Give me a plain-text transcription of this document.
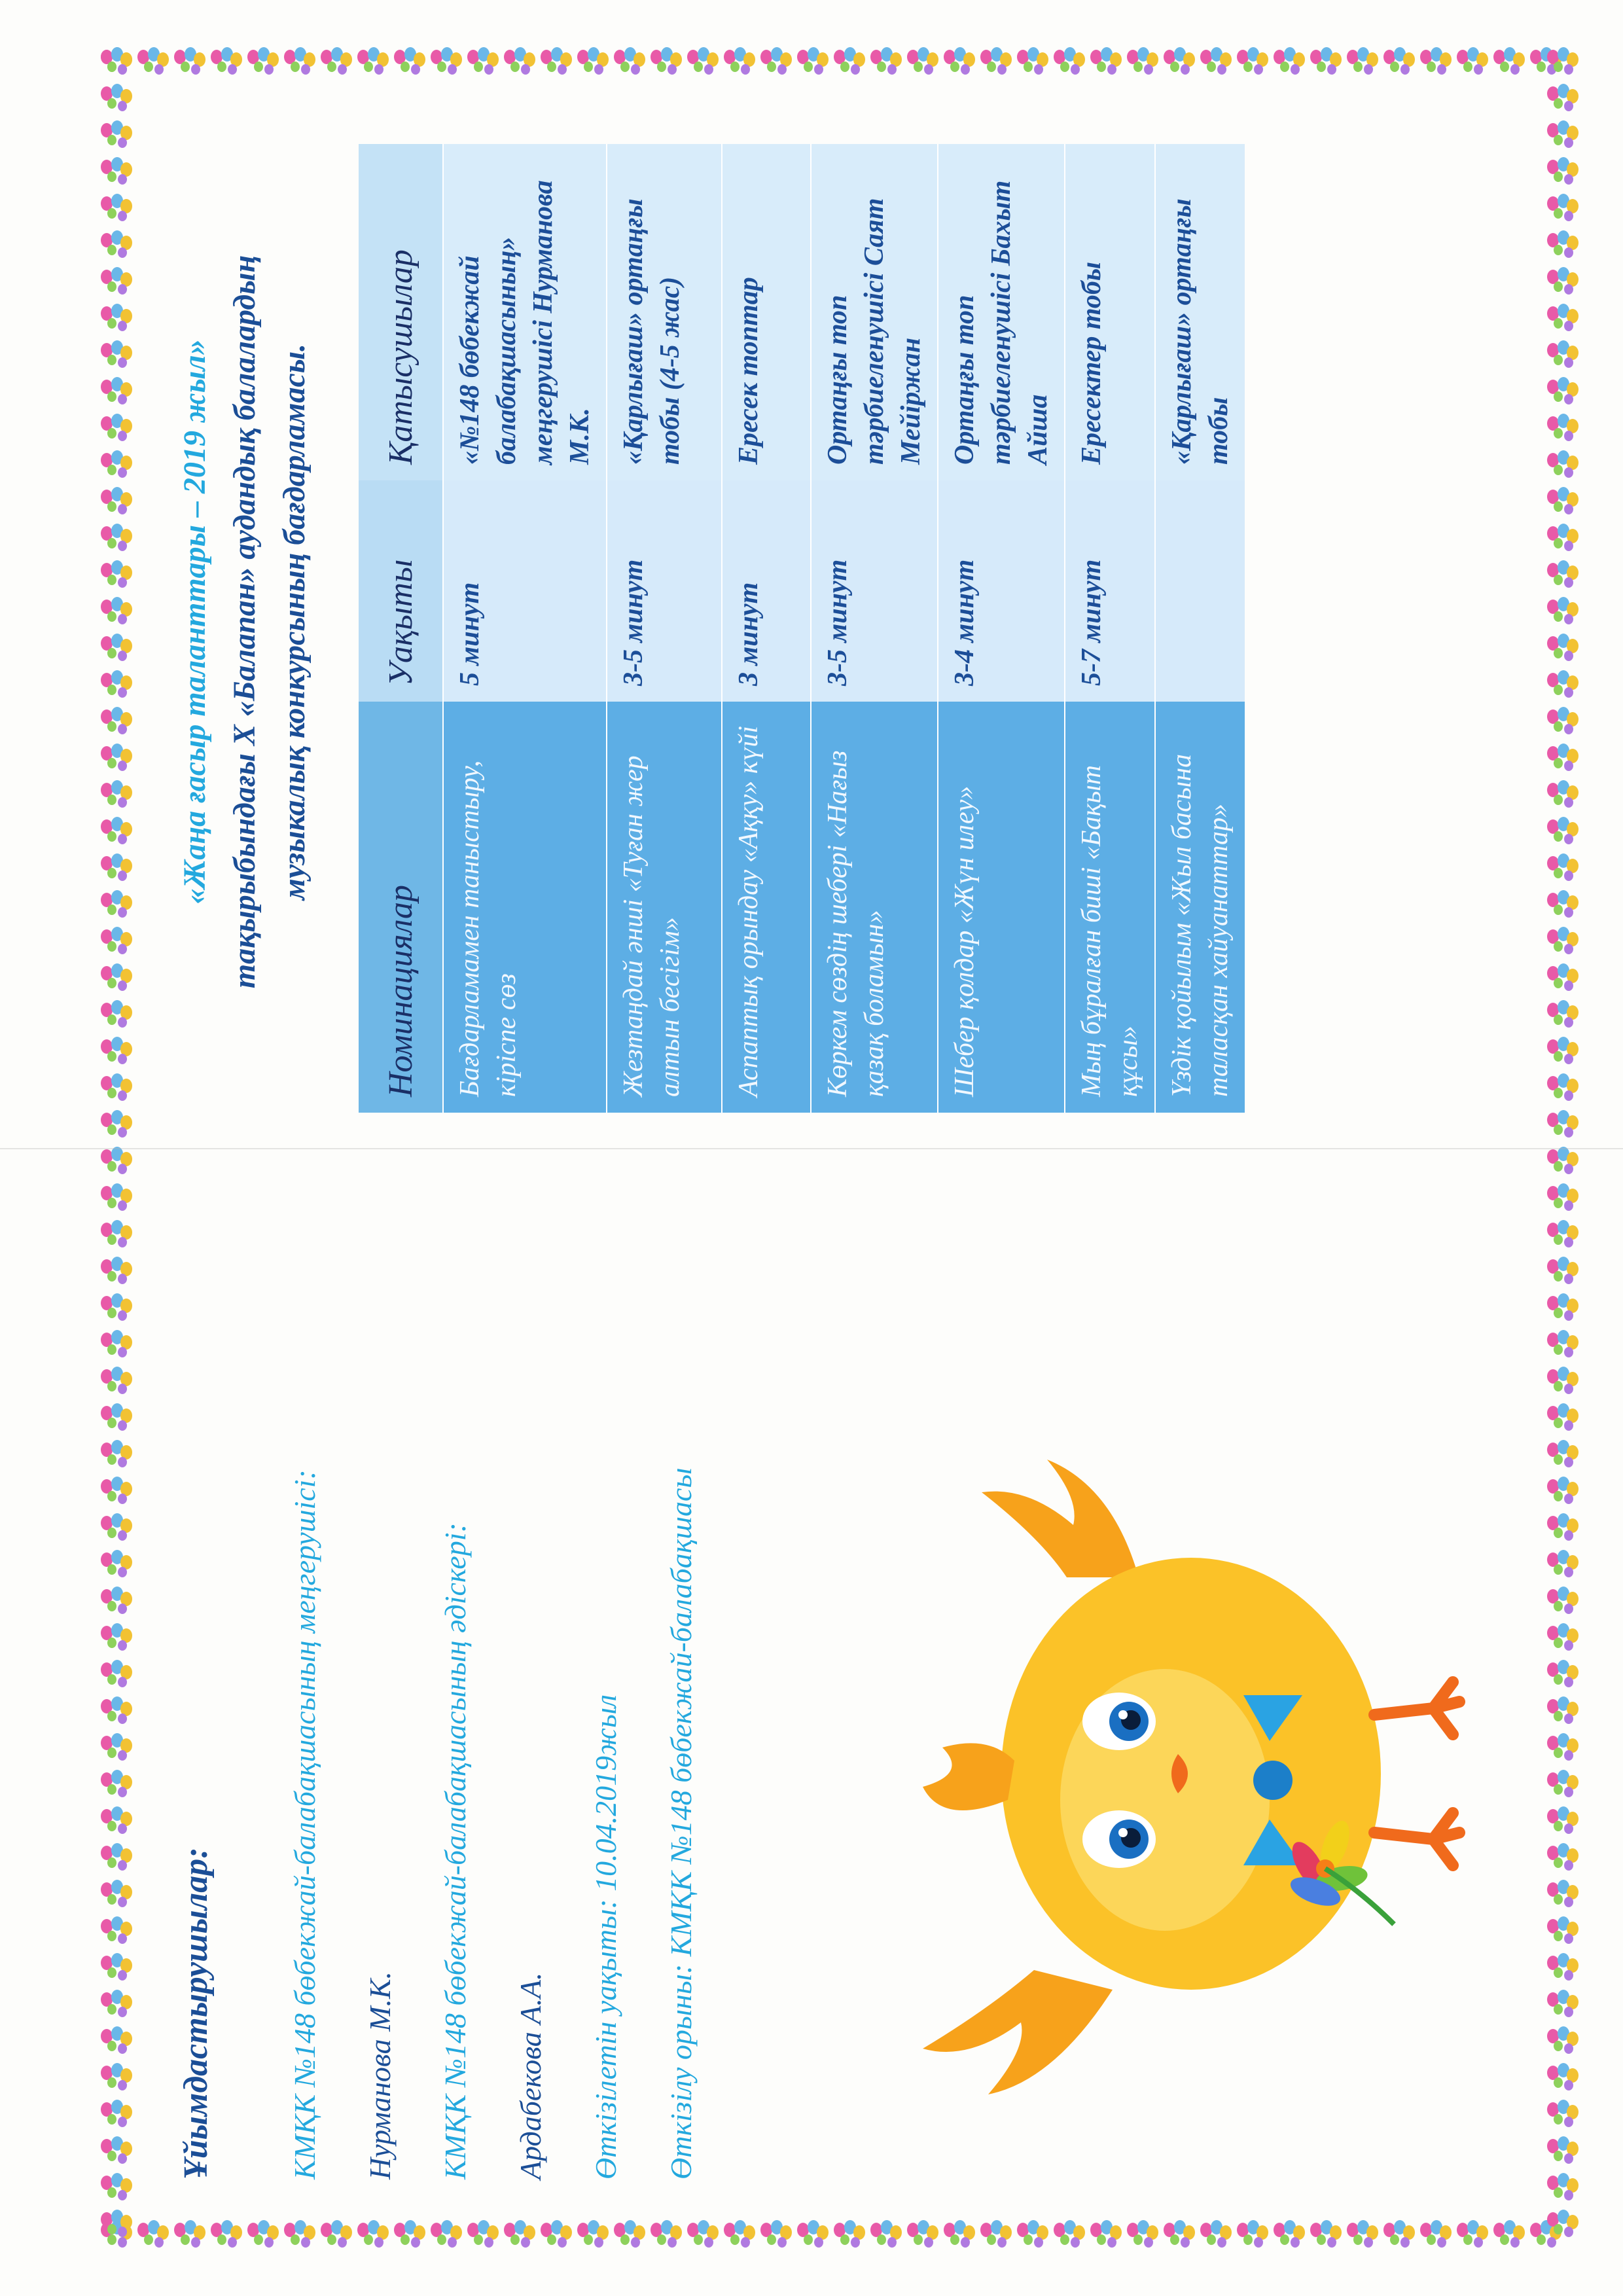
«Жаңа ғасыр таланттары – 2019 жыл» тақырыбындағы X «Балапан» аудандық балалардың музыкалық конкурсының бағдарламасы.
Номинациялар	Уақыты	Қатысушылар
Бағдарламамен таныстыру, кіріспе сөз	5 минут	«№148 бөбекжай балабақшасының» меңгерушісі Нурманова М.К.
Жезтаңдай әнші «Туған жер алтын бесігім»	3-5 минут	«Қарлығаш» ортаңғы тобы (4-5 жас)
Аспаптық орындау «Аққу» күйі	3 минут	Ересек топтар
Көркем сөздің шебері «Нағыз қазақ боламын»	3-5 минут	Ортаңғы топ тәрбиеленушісі Саят Мейіржан
Шебер қолдар «Жүн илеу»	3-4 минут	Ортаңғы топ тәрбиеленушісі Бахыт Айша
Мың бұралған биші «Бақыт құсы»	5-7 минут	Ересектер тобы
Үздік қойылым «Жыл басына таласқан хайуанаттар»		«Қарлығаш» ортаңғы тобы
Ұйымдастырушылар: КМҚК №148 бөбекжай-балабақшасының меңгерушісі: Нурманова М.К. КМҚК №148 бөбекжай-балабақшасының әдіскері: Ардабекова А.А. Өткізілетін уақыты: 10.04.2019жыл Өткізілу орыны: КМҚК №148 бөбекжай-балабақшасы
